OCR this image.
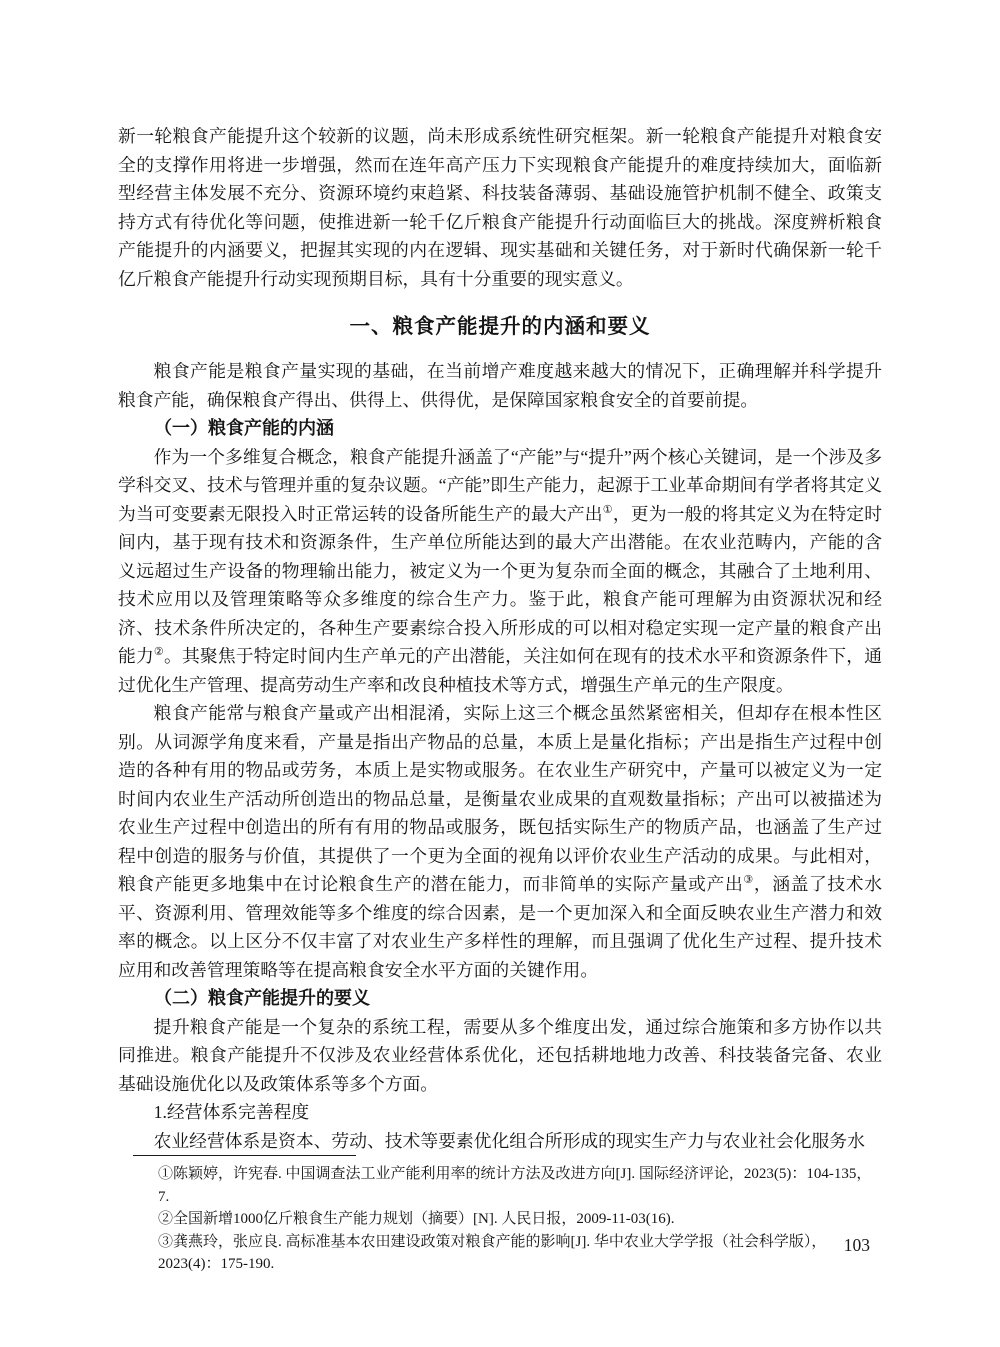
新一轮粮食产能提升这个较新的议题，尚未形成系统性研究框架。新一轮粮食产能提升对粮食安全的支撑作用将进一步增强，然而在连年高产压力下实现粮食产能提升的难度持续加大，面临新型经营主体发展不充分、资源环境约束趋紧、科技装备薄弱、基础设施管护机制不健全、政策支持方式有待优化等问题，使推进新一轮千亿斤粮食产能提升行动面临巨大的挑战。深度辨析粮食产能提升的内涵要义，把握其实现的内在逻辑、现实基础和关键任务，对于新时代确保新一轮千亿斤粮食产能提升行动实现预期目标，具有十分重要的现实意义。

一、粮食产能提升的内涵和要义

粮食产能是粮食产量实现的基础，在当前增产难度越来越大的情况下，正确理解并科学提升粮食产能，确保粮食产得出、供得上、供得优，是保障国家粮食安全的首要前提。

（一）粮食产能的内涵

作为一个多维复合概念，粮食产能提升涵盖了“产能”与“提升”两个核心关键词，是一个涉及多学科交叉、技术与管理并重的复杂议题。“产能”即生产能力，起源于工业革命期间有学者将其定义为当可变要素无限投入时正常运转的设备所能生产的最大产出①，更为一般的将其定义为在特定时间内，基于现有技术和资源条件，生产单位所能达到的最大产出潜能。在农业范畴内，产能的含义远超过生产设备的物理输出能力，被定义为一个更为复杂而全面的概念，其融合了土地利用、技术应用以及管理策略等众多维度的综合生产力。鉴于此，粮食产能可理解为由资源状况和经济、技术条件所决定的，各种生产要素综合投入所形成的可以相对稳定实现一定产量的粮食产出能力②。其聚焦于特定时间内生产单元的产出潜能，关注如何在现有的技术水平和资源条件下，通过优化生产管理、提高劳动生产率和改良种植技术等方式，增强生产单元的生产限度。

粮食产能常与粮食产量或产出相混淆，实际上这三个概念虽然紧密相关，但却存在根本性区别。从词源学角度来看，产量是指出产物品的总量，本质上是量化指标；产出是指生产过程中创造的各种有用的物品或劳务，本质上是实物或服务。在农业生产研究中，产量可以被定义为一定时间内农业生产活动所创造出的物品总量，是衡量农业成果的直观数量指标；产出可以被描述为农业生产过程中创造出的所有有用的物品或服务，既包括实际生产的物质产品，也涵盖了生产过程中创造的服务与价值，其提供了一个更为全面的视角以评价农业生产活动的成果。与此相对，粮食产能更多地集中在讨论粮食生产的潜在能力，而非简单的实际产量或产出③，涵盖了技术水平、资源利用、管理效能等多个维度的综合因素，是一个更加深入和全面反映农业生产潜力和效率的概念。以上区分不仅丰富了对农业生产多样性的理解，而且强调了优化生产过程、提升技术应用和改善管理策略等在提高粮食安全水平方面的关键作用。

（二）粮食产能提升的要义

提升粮食产能是一个复杂的系统工程，需要从多个维度出发，通过综合施策和多方协作以共同推进。粮食产能提升不仅涉及农业经营体系优化，还包括耕地地力改善、科技装备完备、农业基础设施优化以及政策体系等多个方面。

1.经营体系完善程度

农业经营体系是资本、劳动、技术等要素优化组合所形成的现实生产力与农业社会化服务水

①陈颖婷，许宪春. 中国调查法工业产能利用率的统计方法及改进方向[J]. 国际经济评论，2023(5)：104-135，7.

②全国新增1000亿斤粮食生产能力规划（摘要）[N]. 人民日报，2009-11-03(16).

③龚燕玲，张应良. 高标准基本农田建设政策对粮食产能的影响[J]. 华中农业大学学报（社会科学版），2023(4)：175-190.

103
